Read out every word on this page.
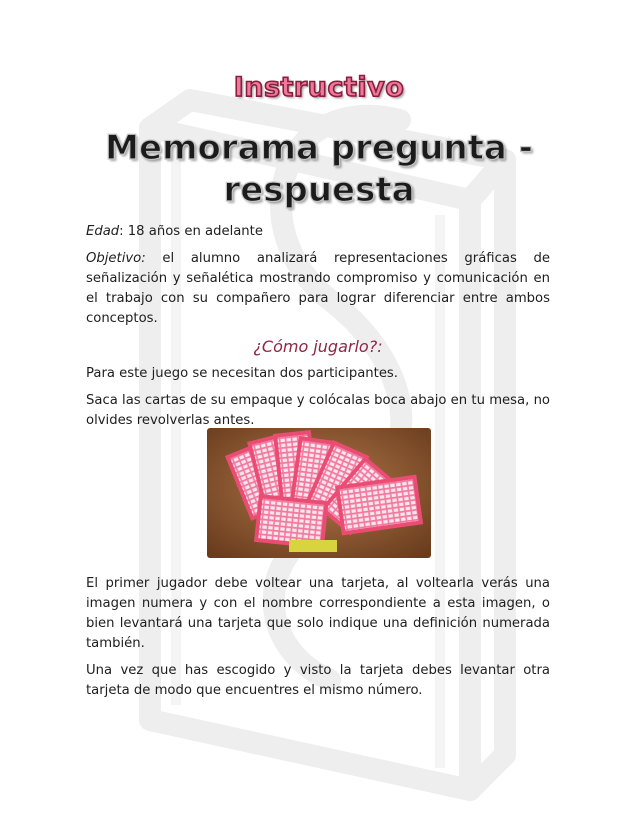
Instructivo
Memorama pregunta -
respuesta

Edad: 18 años en adelante

Objetivo: el alumno analizará representaciones gráficas de señalización y señalética mostrando compromiso y comunicación en el trabajo con su compañero para lograr diferenciar entre ambos conceptos.

¿Cómo jugarlo?:

Para este juego se necesitan dos participantes.

Saca las cartas de su empaque y colócalas boca abajo en tu mesa, no olvides revolverlas antes.

El primer jugador debe voltear una tarjeta, al voltearla verás una imagen numera y con el nombre correspondiente a esta imagen, o bien levantará una tarjeta que solo indique una definición numerada también.

Una vez que has escogido y visto la tarjeta debes levantar otra tarjeta de modo que encuentres el mismo número.
